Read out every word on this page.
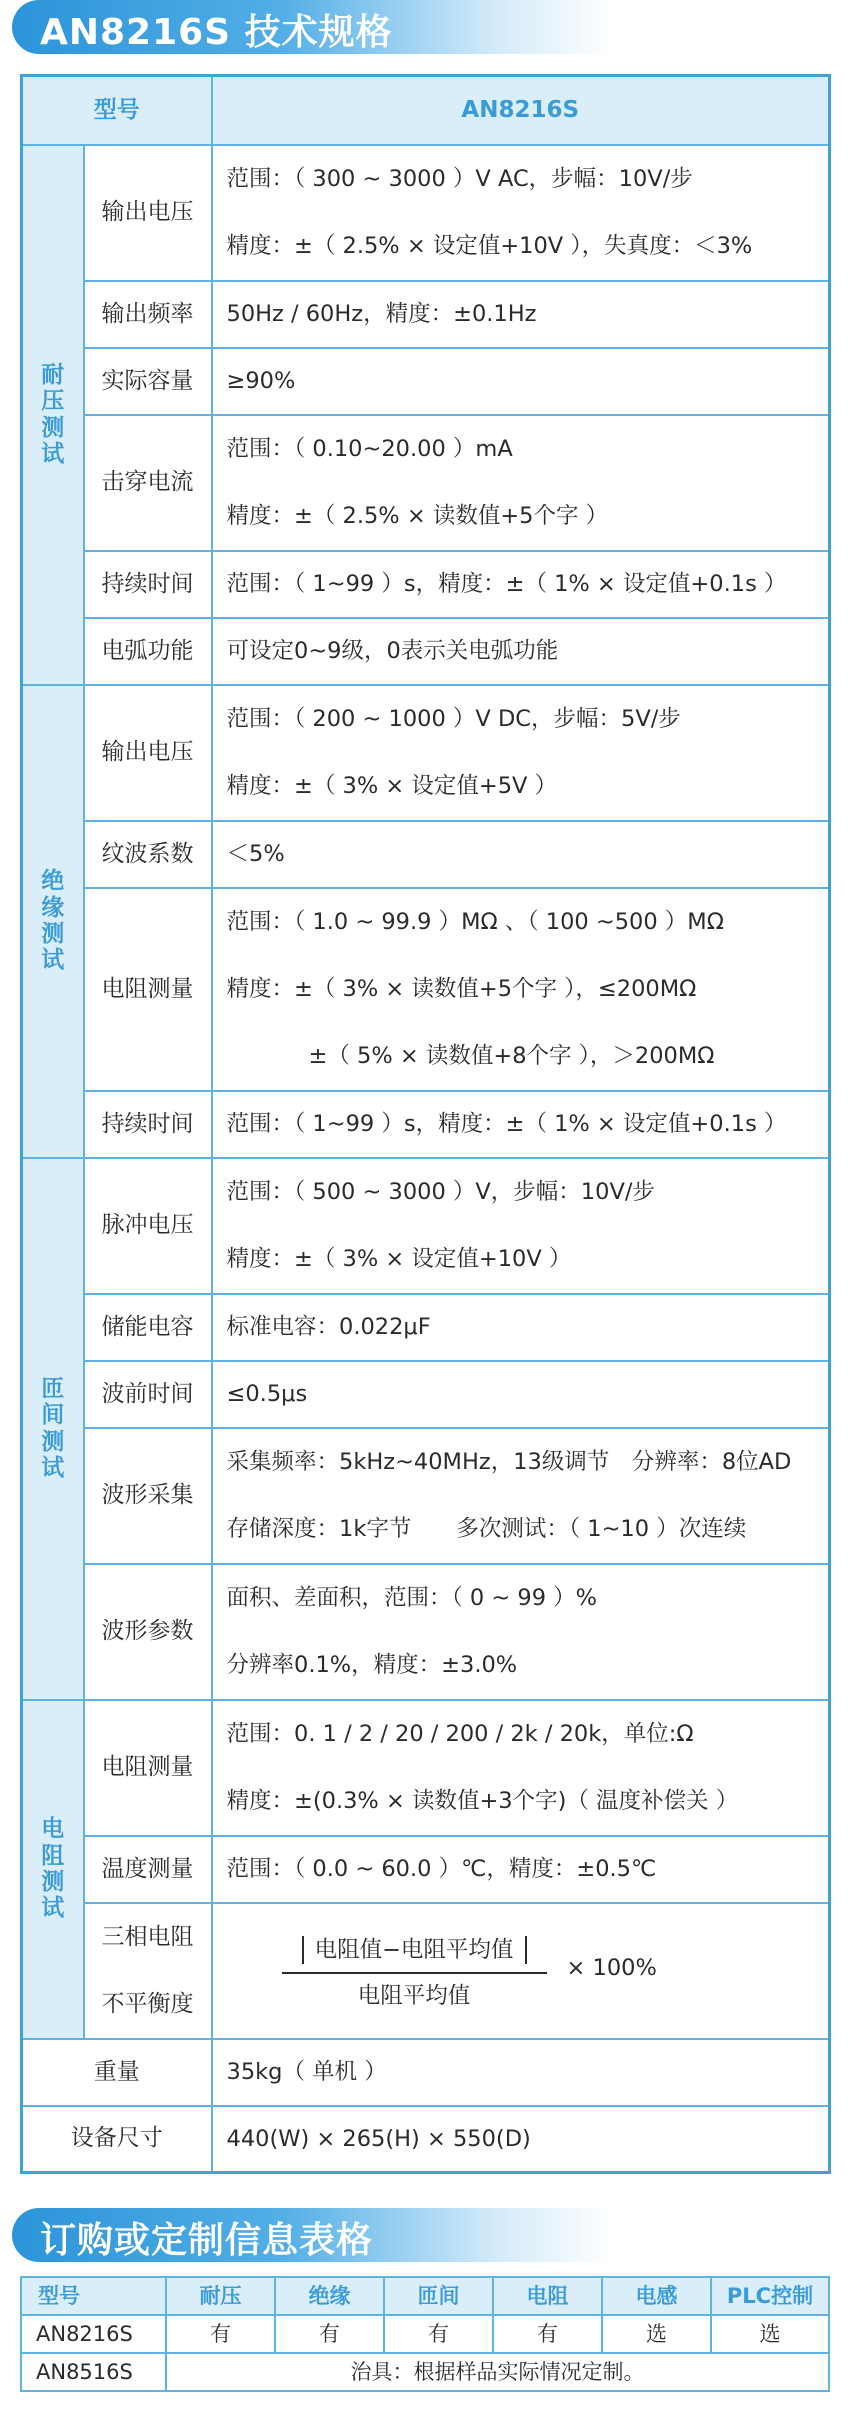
AN8216S 技术规格
型号		AN8216S
耐压测试	输出电压	范围：（ 300 ~ 3000 ）V AC，步幅：10V/步
精度：±（ 2.5% × 设定值+10V ），失真度：＜3%

	输出频率	50Hz / 60Hz，精度：±0.1Hz
	实际容量	≥90%
	击穿电流	范围：（ 0.10~20.00 ）mA
精度：±（ 2.5% × 读数值+5个字 ）

	持续时间	范围：（ 1~99 ）s，精度：±（ 1% × 设定值+0.1s ）
	电弧功能	可设定0~9级，0表示关电弧功能
绝缘测试	输出电压	范围：（ 200 ~ 1000 ）V DC，步幅：5V/步
精度：±（ 3% × 设定值+5V ）

	纹波系数	＜5%
	电阻测量	范围：（ 1.0 ~ 99.9 ）MΩ 、（ 100 ~500 ）MΩ
精度：±（ 3% × 读数值+5个字 ），≤200MΩ
±（ 5% × 读数值+8个字 ），＞200MΩ

	持续时间	范围：（ 1~99 ）s，精度：±（ 1% × 设定值+0.1s ）
匝间测试	脉冲电压	范围：（ 500 ~ 3000 ）V，步幅：10V/步
精度：±（ 3% × 设定值+10V ）

	储能电容	标准电容：0.022μF
	波前时间	≤0.5μs
	波形采集	采集频率：5kHz~40MHz，13级调节　分辨率：8位AD
存储深度：1k字节　　多次测试：（ 1~10 ）次连续

	波形参数	面积、差面积，范围：（ 0 ~ 99 ）%
分辨率0.1%，精度：±3.0%

电阻测试	电阻测量	范围：0. 1 / 2 / 20 / 200 / 2k / 20k，单位:Ω
精度：±(0.3% × 读数值+3个字)（ 温度补偿关 ）

	温度测量	范围：（ 0.0 ~ 60.0 ）℃，精度：±0.5℃

	三相电阻
不平衡度	电阻值−电阻平均值
电阻平均值
× 100%

重量		35kg（ 单机 ）
设备尺寸		440(W) × 265(H) × 550(D)
订购或定制信息表格
型号	耐压	绝缘	匝间	电阻	电感	PLC控制
AN8216S	有	有	有	有	选	选
AN8516S	治具：根据样品实际情况定制。					
